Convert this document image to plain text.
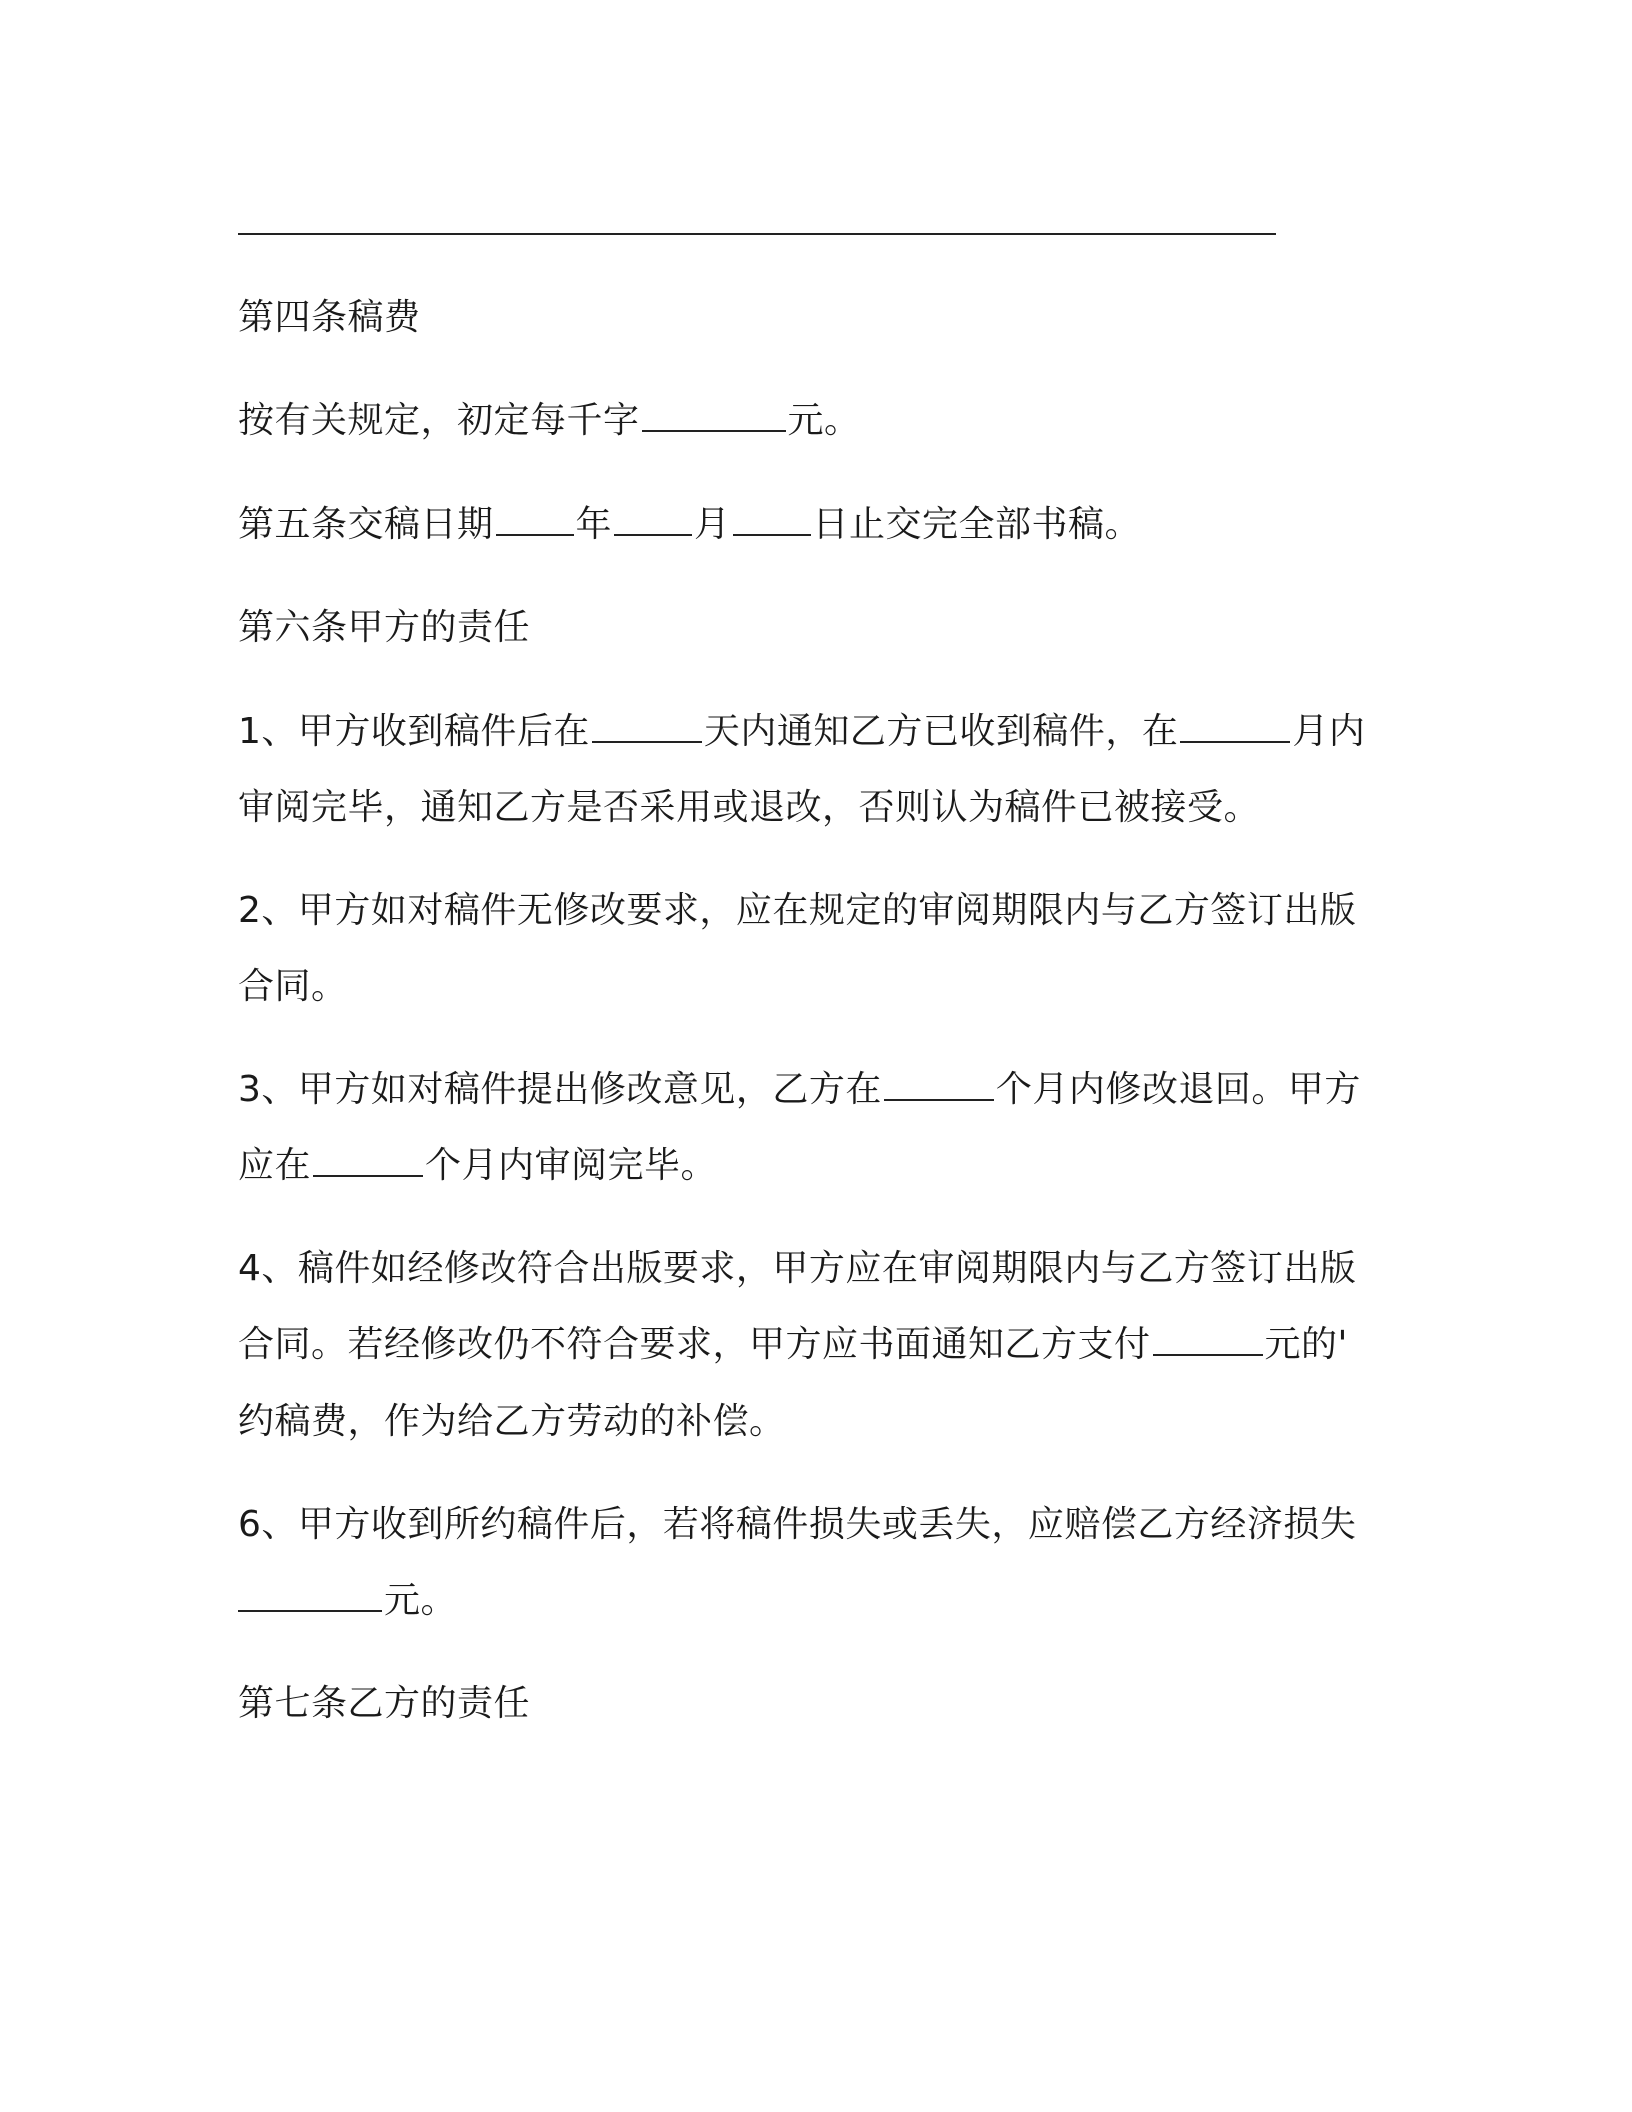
第四条稿费
按有关规定，初定每千字	元。
第五条交稿日期 年 月 日止交完全部书稿。
第六条甲方的责任
1、甲方收到稿件后在	天内通知乙方已收到稿件，在	月内
审阅完毕，通知乙方是否采用或退改，否则认为稿件已被接受。
2、甲方如对稿件无修改要求，应在规定的审阅期限内与乙方签订出版
合同。
3、甲方如对稿件提出修改意见，乙方在	个月内修改退回。甲方
应在	个月内审阅完毕。
4、稿件如经修改符合出版要求，甲方应在审阅期限内与乙方签订出版
合同。若经修改仍不符合要求，甲方应书面通知乙方支付	元的'
约稿费，作为给乙方劳动的补偿。
6、甲方收到所约稿件后，若将稿件损失或丢失，应赔偿乙方经济损失
元。
第七条乙方的责任
